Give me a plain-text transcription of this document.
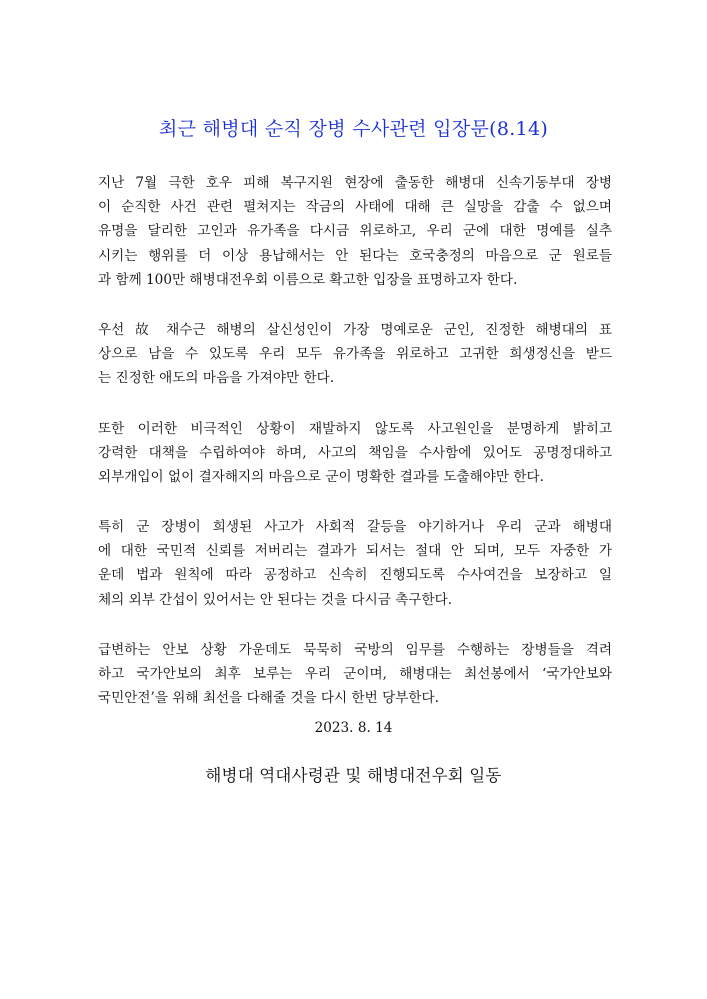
최근 해병대 순직 장병 수사관련 입장문(8.14)
지난 7월 극한 호우 피해 복구지원 현장에 출동한 해병대 신속기동부대 장병
이 순직한 사건 관련 펼쳐지는 작금의 사태에 대해 큰 실망을 감출 수 없으며
유명을 달리한 고인과 유가족을 다시금 위로하고, 우리 군에 대한 명예를 실추
시키는 행위를 더 이상 용납해서는 안 된다는 호국충정의 마음으로 군 원로들
과 함께 100만 해병대전우회 이름으로 확고한 입장을 표명하고자 한다.
우선 故 채수근 해병의 살신성인이 가장 명예로운 군인, 진정한 해병대의 표
상으로 남을 수 있도록 우리 모두 유가족을 위로하고 고귀한 희생정신을 받드
는 진정한 애도의 마음을 가져야만 한다.
또한 이러한 비극적인 상황이 재발하지 않도록 사고원인을 분명하게 밝히고
강력한 대책을 수립하여야 하며, 사고의 책임을 수사함에 있어도 공명정대하고
외부개입이 없이 결자해지의 마음으로 군이 명확한 결과를 도출해야만 한다.
특히 군 장병이 희생된 사고가 사회적 갈등을 야기하거나 우리 군과 해병대
에 대한 국민적 신뢰를 저버리는 결과가 되서는 절대 안 되며, 모두 자중한 가
운데 법과 원칙에 따라 공정하고 신속히 진행되도록 수사여건을 보장하고 일
체의 외부 간섭이 있어서는 안 된다는 것을 다시금 촉구한다.
급변하는 안보 상황 가운데도 묵묵히 국방의 임무를 수행하는 장병들을 격려
하고 국가안보의 최후 보루는 우리 군이며, 해병대는 최선봉에서 ‘국가안보와
국민안전’을 위해 최선을 다해줄 것을 다시 한번 당부한다.
2023. 8. 14
해병대 역대사령관 및 해병대전우회 일동
